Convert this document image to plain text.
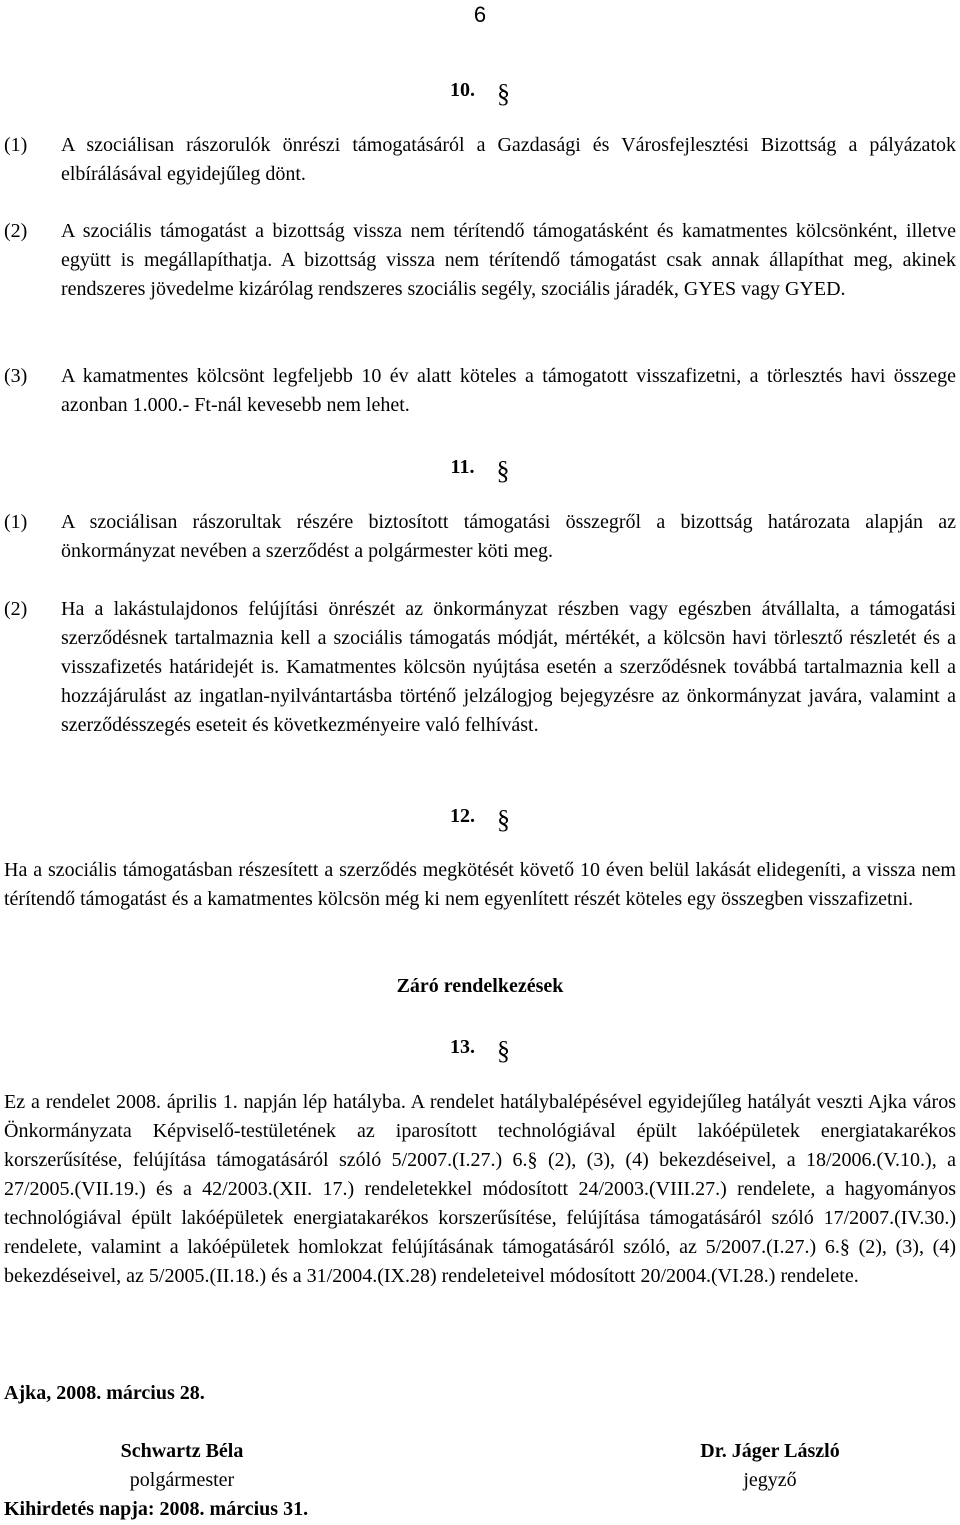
6
10. §
(1) A szociálisan rászorulók önrészi támogatásáról a Gazdasági és Városfejlesztési Bizottság a pályázatok elbírálásával egyidejűleg dönt.
(2) A szociális támogatást a bizottság vissza nem térítendő támogatásként és kamatmentes kölcsönként, illetve együtt is megállapíthatja. A bizottság vissza nem térítendő támogatást csak annak állapíthat meg, akinek rendszeres jövedelme kizárólag rendszeres szociális segély, szociális járadék, GYES vagy GYED.
(3) A kamatmentes kölcsönt legfeljebb 10 év alatt köteles a támogatott visszafizetni, a törlesztés havi összege azonban 1.000.- Ft-nál kevesebb nem lehet.
11. §
(1) A szociálisan rászorultak részére biztosított támogatási összegről a bizottság határozata alapján az önkormányzat nevében a szerződést a polgármester köti meg.
(2) Ha a lakástulajdonos felújítási önrészét az önkormányzat részben vagy egészben átvállalta, a támogatási szerződésnek tartalmaznia kell a szociális támogatás módját, mértékét, a kölcsön havi törlesztő részletét és a visszafizetés határidejét is. Kamatmentes kölcsön nyújtása esetén a szerződésnek továbbá tartalmaznia kell a hozzájárulást az ingatlan-nyilvántartásba történő jelzálogjog bejegyzésre az önkormányzat javára, valamint a szerződésszegés eseteit és következményeire való felhívást.
12. §
Ha a szociális támogatásban részesített a szerződés megkötését követő 10 éven belül lakását elidegeníti, a vissza nem térítendő támogatást és a kamatmentes kölcsön még ki nem egyenlített részét köteles egy összegben visszafizetni.
Záró rendelkezések
13. §
Ez a rendelet 2008. április 1. napján lép hatályba. A rendelet hatálybalépésével egyidejűleg hatályát veszti Ajka város Önkormányzata Képviselő-testületének az iparosított technológiával épült lakóépületek energiatakarékos korszerűsítése, felújítása támogatásáról szóló 5/2007.(I.27.) 6.§ (2), (3), (4) bekezdéseivel, a 18/2006.(V.10.), a 27/2005.(VII.19.) és a 42/2003.(XII. 17.) rendeletekkel módosított 24/2003.(VIII.27.) rendelete, a hagyományos technológiával épült lakóépületek energiatakarékos korszerűsítése, felújítása támogatásáról szóló 17/2007.(IV.30.) rendelete, valamint a lakóépületek homlokzat felújításának támogatásáról szóló, az 5/2007.(I.27.) 6.§ (2), (3), (4) bekezdéseivel, az 5/2005.(II.18.) és a 31/2004.(IX.28) rendeleteivel módosított 20/2004.(VI.28.) rendelete.
Ajka, 2008. március 28.
Schwartz Béla
polgármester
Dr. Jáger László
jegyző
Kihirdetés napja: 2008. március 31.
